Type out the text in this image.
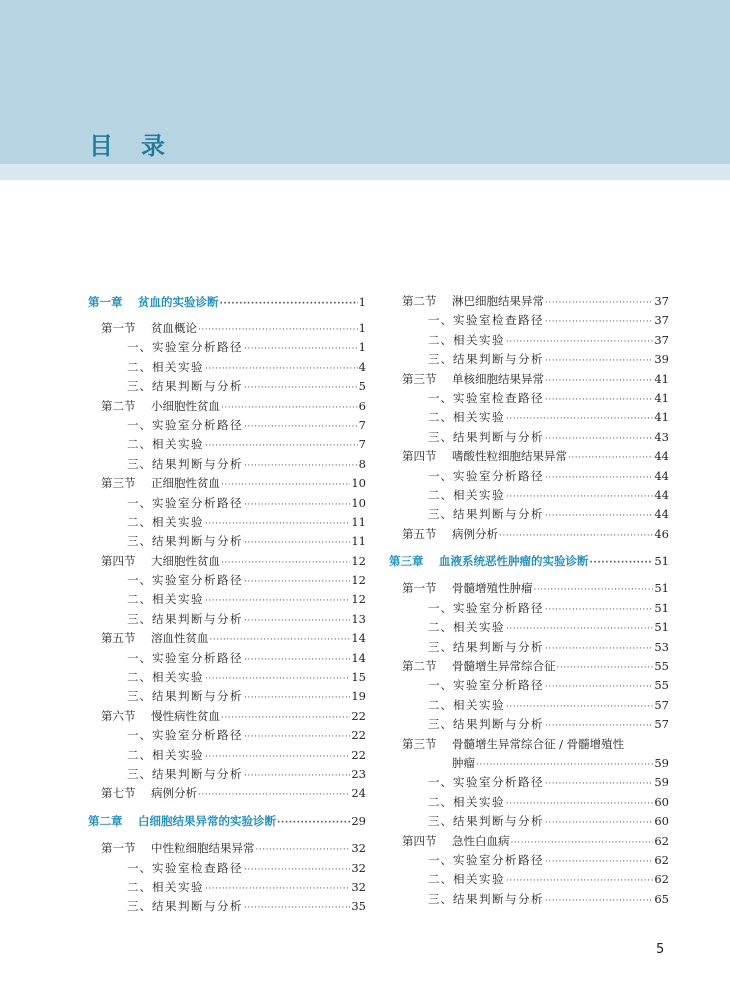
目 录
第一章	贫血的实验诊断 ·····	1
第一节	贫血概论 ·····	1
一、 实验室分析路径 ·····	1
二、 相关实验 ·····	4
三、 结果判断与分析 ·····	5
第二节	小细胞性贫血 ·····	6
一、 实验室分析路径 ·····	7
二、 相关实验 ·····	7
三、 结果判断与分析 ·····	8
第三节	正细胞性贫血 ·····	10
一、 实验室分析路径 ·····	10
二、 相关实验 ·····	11
三、 结果判断与分析 ·····	11
第四节	大细胞性贫血 ·····	12
一、 实验室分析路径 ·····	12
二、 相关实验 ·····	12
三、 结果判断与分析 ·····	13
第五节	溶血性贫血 ·····	14
一、 实验室分析路径 ·····	14
二、 相关实验 ·····	15
三、 结果判断与分析 ·····	19
第六节	慢性病性贫血 ·····	22
一、 实验室分析路径 ·····	22
二、 相关实验 ·····	22
三、 结果判断与分析 ·····	23
第七节	病例分析 ·····	24
第二章	白细胞结果异常的实验诊断 ·····	29
第一节	中性粒细胞结果异常 ·····	32
一、 实验室检查路径 ·····	32
二、 相关实验 ·····	32
三、 结果判断与分析 ·····	35
第二节	淋巴细胞结果异常 ·····	37
一、 实验室检查路径 ·····	37
二、 相关实验 ·····	37
三、 结果判断与分析 ·····	39
第三节	单核细胞结果异常 ·····	41
一、 实验室检查路径 ·····	41
二、 相关实验 ·····	41
三、 结果判断与分析 ·····	43
第四节	嗜酸性粒细胞结果异常 ·····	44
一、 实验室分析路径 ·····	44
二、 相关实验 ·····	44
三、 结果判断与分析 ·····	44
第五节	病例分析 ·····	46
第三章	血液系统恶性肿瘤的实验诊断 ·····	51
第一节	骨髓增殖性肿瘤 ·····	51
一、 实验室分析路径 ·····	51
二、 相关实验 ·····	51
三、 结果判断与分析 ·····	53
第二节	骨髓增生异常综合征 ·····	55
一、 实验室分析路径 ·····	55
二、 相关实验 ·····	57
三、 结果判断与分析 ·····	57
第三节	骨髓增生异常综合征 / 骨髓增殖性
肿瘤 ·····	59
一、 实验室分析路径 ·····	59
二、 相关实验 ·····	60
三、 结果判断与分析 ·····	60
第四节	急性白血病 ·····	62
一、 实验室分析路径 ·····	62
二、 相关实验 ·····	62
三、 结果判断与分析 ·····	65
5
